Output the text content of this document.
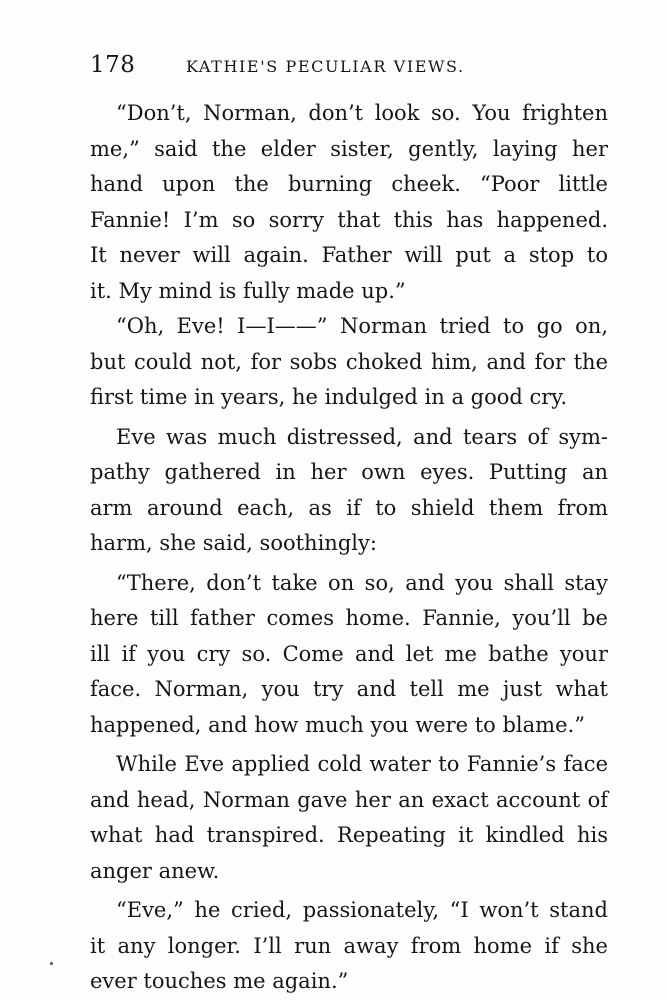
178	KATHIE'S PECULIAR VIEWS.
“Don’t, Norman, don’t look so. You frighten
me,” said the elder sister, gently, laying her
hand upon the burning cheek. “Poor little
Fannie! I’m so sorry that this has happened.
It never will again. Father will put a stop to
it. My mind is fully made up.”
“Oh, Eve! I—I——” Norman tried to go on,
but could not, for sobs choked him, and for the
first time in years, he indulged in a good cry.
Eve was much distressed, and tears of sym-
pathy gathered in her own eyes. Putting an
arm around each, as if to shield them from
harm, she said, soothingly:
“There, don’t take on so, and you shall stay
here till father comes home. Fannie, you’ll be
ill if you cry so. Come and let me bathe your
face. Norman, you try and tell me just what
happened, and how much you were to blame.”
While Eve applied cold water to Fannie’s face
and head, Norman gave her an exact account of
what had transpired. Repeating it kindled his
anger anew.
“Eve,” he cried, passionately, “I won’t stand
it any longer. I’ll run away from home if she
ever touches me again.”
